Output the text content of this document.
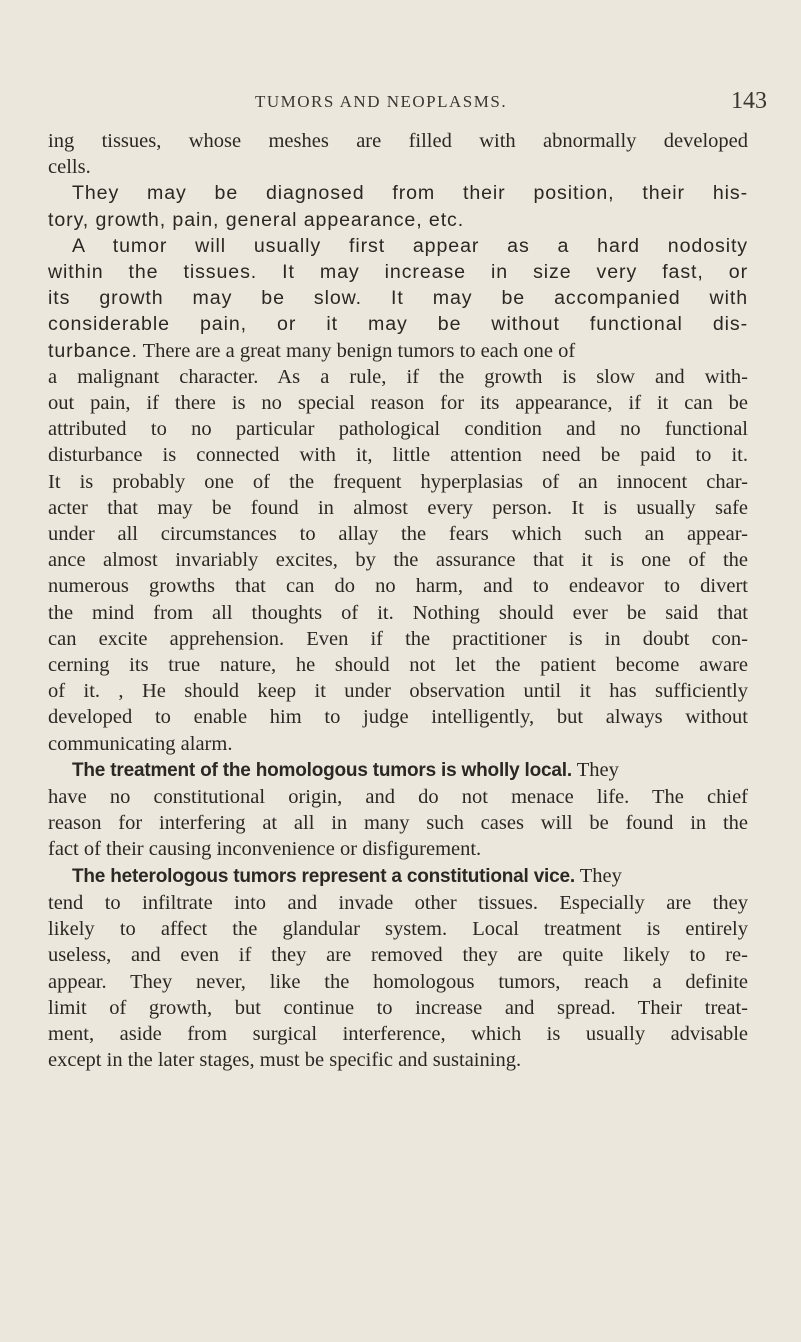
TUMORS AND NEOPLASMS.	143
ing tissues, whose meshes are filled with abnormally developed
cells.
They may be diagnosed from their position, their his-
tory, growth, pain, general appearance, etc.
A tumor will usually first appear as a hard nodosity
within the tissues. It may increase in size very fast, or
its growth may be slow. It may be accompanied with
considerable pain, or it may be without functional dis-
turbance. There are a great many benign tumors to each one of
a malignant character. As a rule, if the growth is slow and with-
out pain, if there is no special reason for its appearance, if it can be
attributed to no particular pathological condition and no functional
disturbance is connected with it, little attention need be paid to it.
It is probably one of the frequent hyperplasias of an innocent char-
acter that may be found in almost every person. It is usually safe
under all circumstances to allay the fears which such an appear-
ance almost invariably excites, by the assurance that it is one of the
numerous growths that can do no harm, and to endeavor to divert
the mind from all thoughts of it. Nothing should ever be said that
can excite apprehension. Even if the practitioner is in doubt con-
cerning its true nature, he should not let the patient become aware
of it. , He should keep it under observation until it has sufficiently
developed to enable him to judge intelligently, but always without
communicating alarm.
The treatment of the homologous tumors is wholly local. They
have no constitutional origin, and do not menace life. The chief
reason for interfering at all in many such cases will be found in the
fact of their causing inconvenience or disfigurement.
The heterologous tumors represent a constitutional vice. They
tend to infiltrate into and invade other tissues. Especially are they
likely to affect the glandular system. Local treatment is entirely
useless, and even if they are removed they are quite likely to re-
appear. They never, like the homologous tumors, reach a definite
limit of growth, but continue to increase and spread. Their treat-
ment, aside from surgical interference, which is usually advisable
except in the later stages, must be specific and sustaining.
